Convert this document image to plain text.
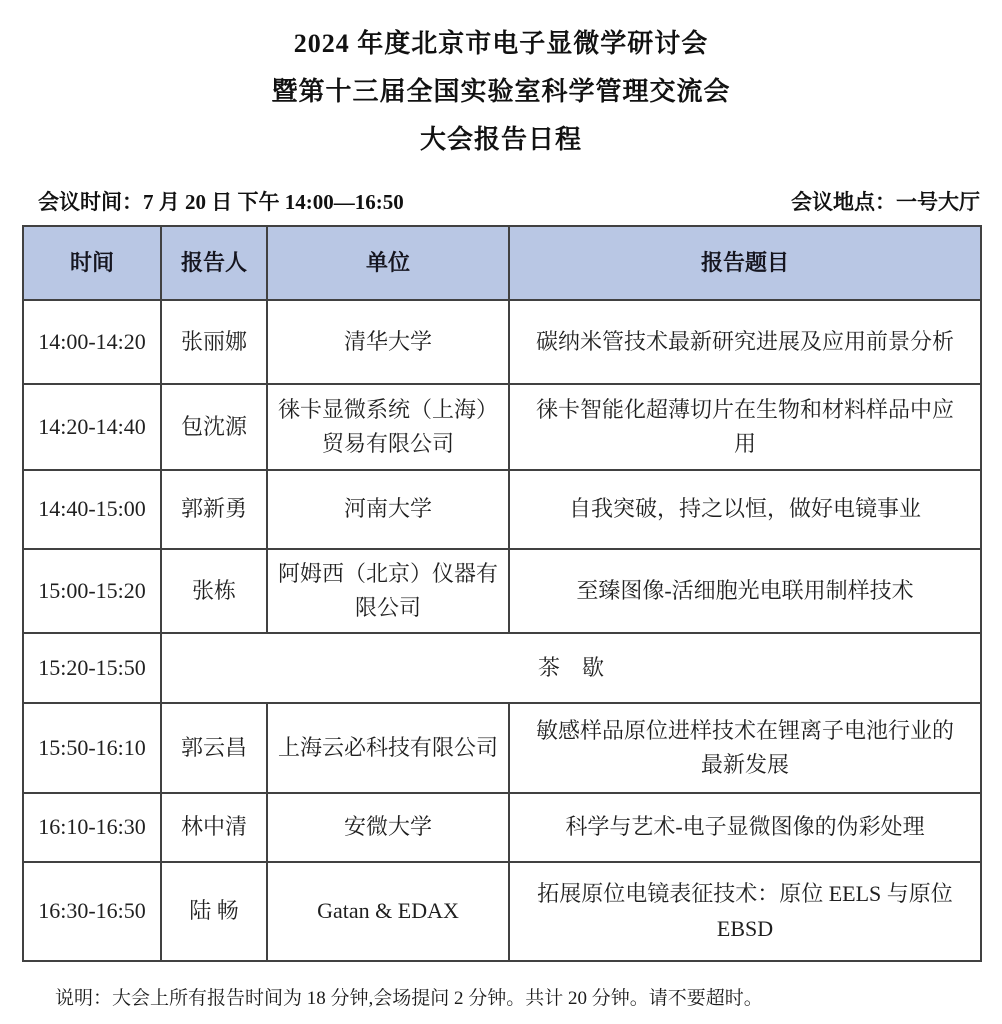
2024 年度北京市电子显微学研讨会
暨第十三届全国实验室科学管理交流会
大会报告日程
会议时间：7 月 20 日 下午 14:00—16:50	会议地点：一号大厅
时间	报告人	单位	报告题目
14:00-14:20	张丽娜	清华大学	碳纳米管技术最新研究进展及应用前景分析
14:20-14:40	包沈源	徕卡显微系统（上海）贸易有限公司	徕卡智能化超薄切片在生物和材料样品中应用
14:40-15:00	郭新勇	河南大学	自我突破，持之以恒，做好电镜事业
15:00-15:20	张栋	阿姆西（北京）仪器有限公司	至臻图像-活细胞光电联用制样技术
15:20-15:50	茶　歇		
15:50-16:10	郭云昌	上海云必科技有限公司	敏感样品原位进样技术在锂离子电池行业的最新发展
16:10-16:30	林中清	安微大学	科学与艺术-电子显微图像的伪彩处理
16:30-16:50	陆 畅	Gatan & EDAX	拓展原位电镜表征技术：原位 EELS 与原位 EBSD
说明：大会上所有报告时间为 18 分钟,会场提问 2 分钟。共计 20 分钟。请不要超时。
